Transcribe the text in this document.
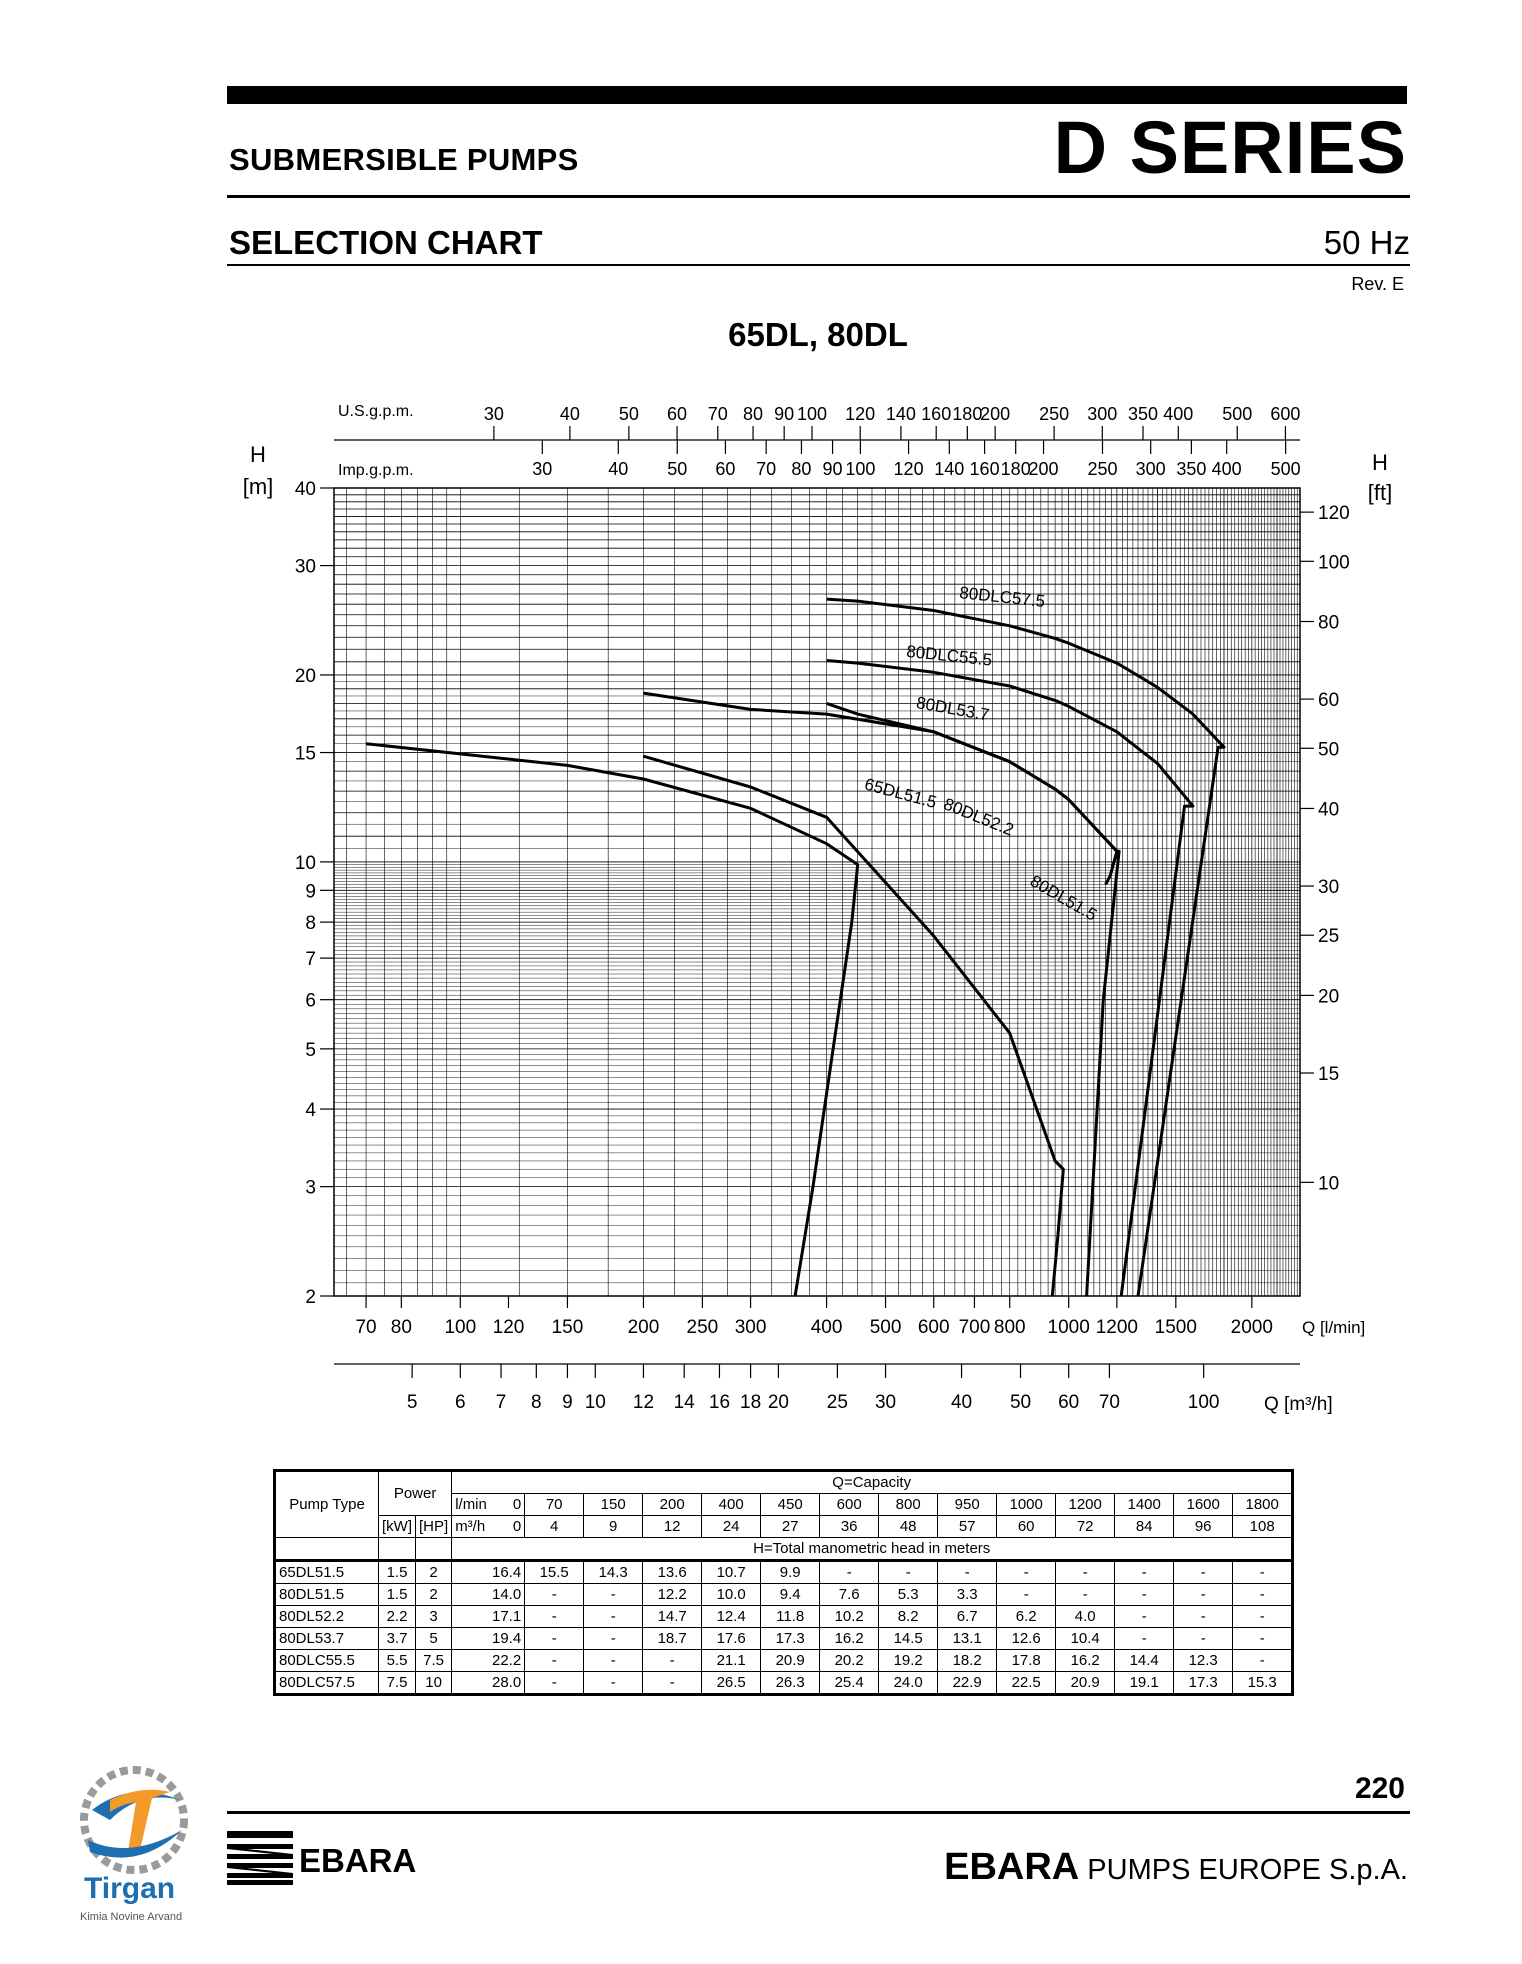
SUBMERSIBLE PUMPS	D SERIES
SELECTION CHART	50 Hz
Rev. E
65DL, 80DL
40
30
20
15
10
9
8
7
6
5
4
3
2
H
[m]
120
100
80
60
50
40
30
25
20
15
10
H
[ft]
70 80 100 120 150 200 250 300 400 500 600 700 800 1000 1200 1500 2000 Q [l/min]
5 6 7 8 9 10 12 14 16 18 20 25 30	40 50 60 70	100 Q [m³/h]
30	40 50 60 70 80 90 100 120 140 160 180
200 250 300 350 400 500 600
U.S.g.p.m.
30	40 50 60 70 80 90 100 120 140 160 180
200 250 300 350 400 500
Imp.g.p.m.
65DL51.5
80DL51.5
80DL52.2
80DL53.7
80DLC55.5
80DLC57.5
Pump Type	Power		Q=Capacity														
			l/min	0	70	150	200	400	450	600	800	950	1000	1200	1400	1600	1800
	[kW]	[HP]	m³/h	0	4	9	12	24	27	36	48	57	60	72	84	96	108
			H=Total manometric head in meters														
65DL51.5	1.5	2	16.4		15.5	14.3	13.6	10.7	9.9	-	-	-	-	-	-	-	-
80DL51.5	1.5	2	14.0		-	-	12.2	10.0	9.4	7.6	5.3	3.3	-	-	-	-	-
80DL52.2	2.2	3	17.1		-	-	14.7	12.4	11.8	10.2	8.2	6.7	6.2	4.0	-	-	-
80DL53.7	3.7	5	19.4		-	-	18.7	17.6	17.3	16.2	14.5	13.1	12.6	10.4	-	-	-
80DLC55.5	5.5	7.5	22.2		-	-	-	21.1	20.9	20.2	19.2	18.2	17.8	16.2	14.4	12.3	-
80DLC57.5	7.5	10	28.0		-	-	-	26.5	26.3	25.4	24.0	22.9	22.5	20.9	19.1	17.3	15.3
220
EBARA PUMPS EUROPE S.p.A.
EBARA
Tirgan
Kimia Novine Arvand
